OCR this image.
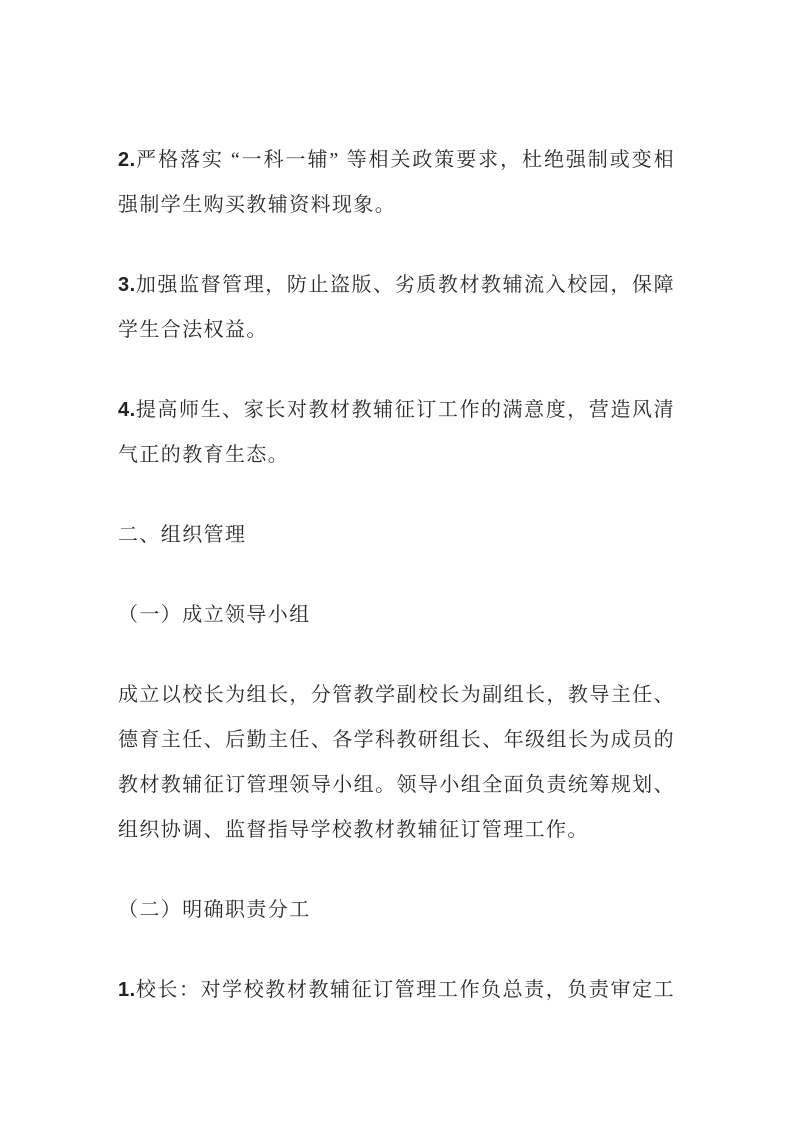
2.严格落实 “一科一辅” 等相关政策要求，杜绝强制或变相强制学生购买教辅资料现象。

3.加强监督管理，防止盗版、劣质教材教辅流入校园，保障学生合法权益。

4.提高师生、家长对教材教辅征订工作的满意度，营造风清气正的教育生态。

二、组织管理

（一）成立领导小组

成立以校长为组长，分管教学副校长为副组长，教导主任、德育主任、后勤主任、各学科教研组长、年级组长为成员的教材教辅征订管理领导小组。领导小组全面负责统筹规划、组织协调、监督指导学校教材教辅征订管理工作。

（二）明确职责分工

1.校长：对学校教材教辅征订管理工作负总责，负责审定工
